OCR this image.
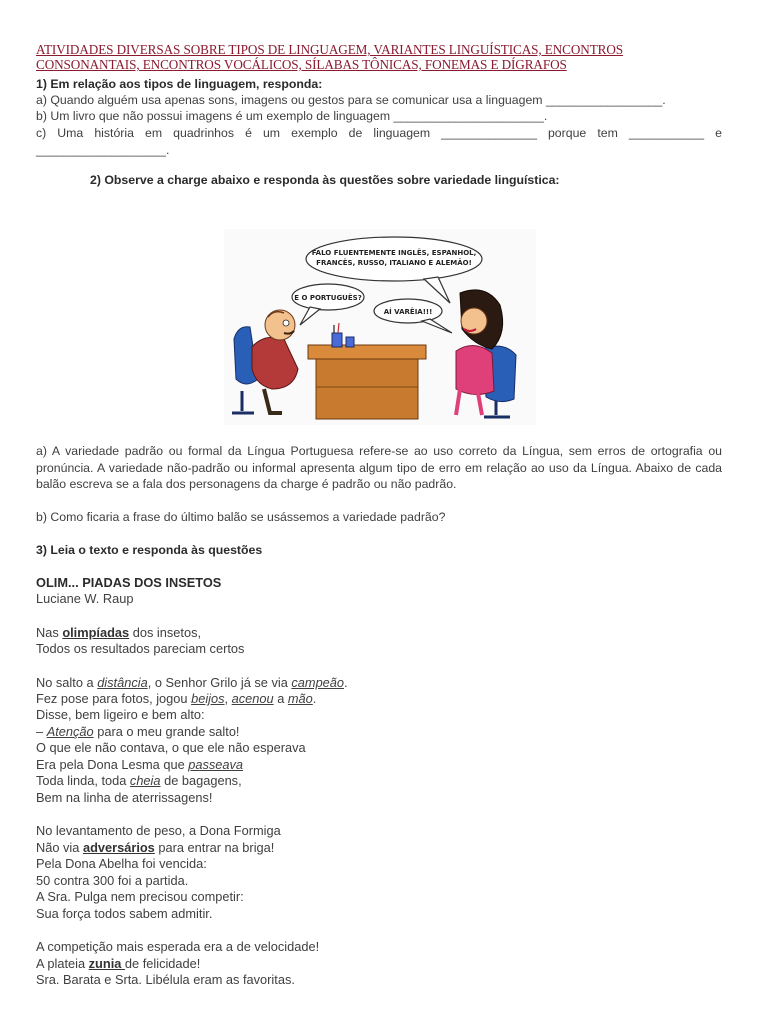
ATIVIDADES DIVERSAS SOBRE TIPOS DE LINGUAGEM, VARIANTES LINGUÍSTICAS, ENCONTROS CONSONANTAIS, ENCONTROS VOCÁLICOS, SÍLABAS TÔNICAS, FONEMAS E DÍGRAFOS
1) Em relação aos tipos de linguagem, responda:
a) Quando alguém usa apenas sons, imagens ou gestos para se comunicar usa a linguagem _________________.
b) Um livro que não possui imagens é um exemplo de linguagem ______________________.
c) Uma história em quadrinhos é um exemplo de linguagem ______________ porque tem ___________ e
___________________.
2) Observe a charge abaixo e responda às questões sobre variedade linguística:
FALO FLUENTEMENTE INGLÊS, ESPANHOL,
FRANCÊS, RUSSO, ITALIANO E ALEMÃO!
E O PORTUGUÊS?
AÍ VARÊIA!!!
a) A variedade padrão ou formal da Língua Portuguesa refere-se ao uso correto da Língua, sem erros de ortografia ou pronúncia. A variedade não-padrão ou informal apresenta algum tipo de erro em relação ao uso da Língua. Abaixo de cada balão escreva se a fala dos personagens da charge é padrão ou não padrão.
b) Como ficaria a frase do último balão se usássemos a variedade padrão?
3) Leia o texto e responda às questões
OLIM... PIADAS DOS INSETOS
Luciane W. Raup
Nas olimpíadas dos insetos,
Todos os resultados pareciam certos
No salto a distância, o Senhor Grilo já se via campeão.
Fez pose para fotos, jogou beijos, acenou a mão.
Disse, bem ligeiro e bem alto:
– Atenção para o meu grande salto!
O que ele não contava, o que ele não esperava
Era pela Dona Lesma que passeava
Toda linda, toda cheia de bagagens,
Bem na linha de aterrissagens!
No levantamento de peso, a Dona Formiga
Não via adversários para entrar na briga!
Pela Dona Abelha foi vencida:
50 contra 300 foi a partida.
A Sra. Pulga nem precisou competir:
Sua força todos sabem admitir.
A competição mais esperada era a de velocidade!
A plateia zunia de felicidade!
Sra. Barata e Srta. Libélula eram as favoritas.
